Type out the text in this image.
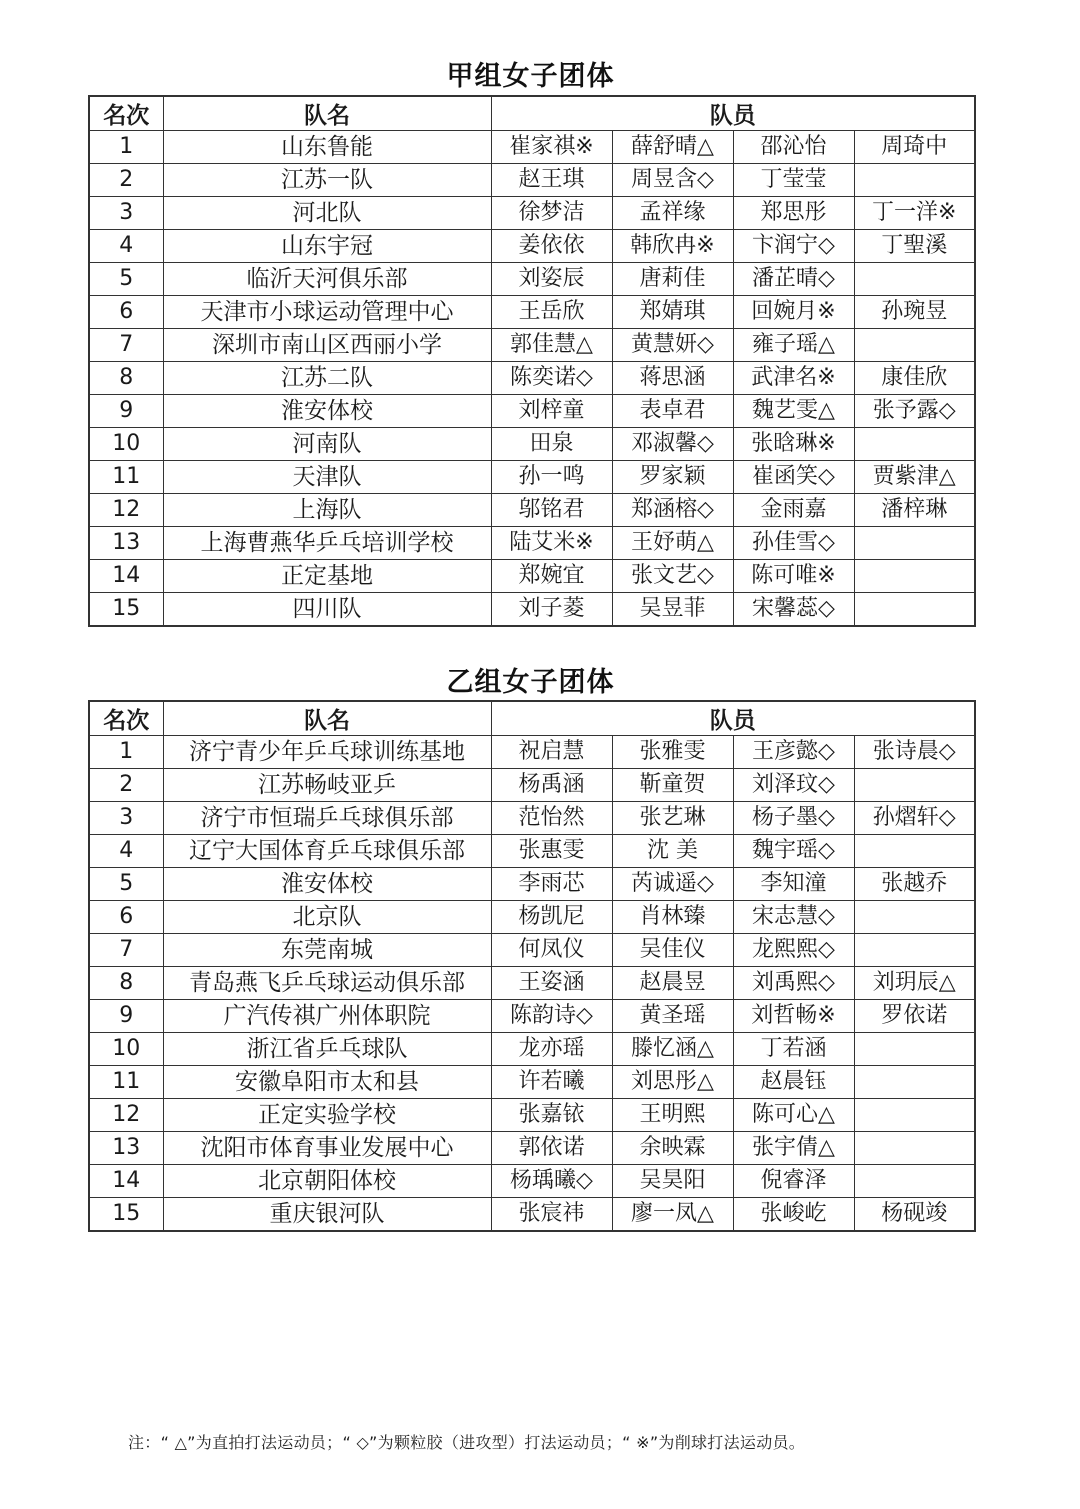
甲组女子团体
名次	队名	队员			
1	山东鲁能	崔家祺※	薛舒晴△	邵沁怡	周琦中
2	江苏一队	赵王琪	周昱含◇	丁莹莹	
3	河北队	徐梦洁	孟祥缘	郑思彤	丁一洋※
4	山东宇冠	姜依依	韩欣冉※	卞润宁◇	丁聖溪
5	临沂天河俱乐部	刘姿辰	唐莉佳	潘芷晴◇	
6	天津市小球运动管理中心	王岳欣	郑婧琪	回婉月※	孙琬昱
7	深圳市南山区西丽小学	郭佳慧△	黄慧妍◇	雍子瑶△	
8	江苏二队	陈奕诺◇	蒋思涵	武津名※	康佳欣
9	淮安体校	刘梓童	表卓君	魏艺雯△	张予露◇
10	河南队	田泉	邓淑馨◇	张晗琳※	
11	天津队	孙一鸣	罗家颖	崔函笑◇	贾紫津△
12	上海队	邬铭君	郑涵榕◇	金雨嘉	潘梓琳
13	上海曹燕华乒乓培训学校	陆艾米※	王妤萌△	孙佳雪◇	
14	正定基地	郑婉宜	张文艺◇	陈可唯※	
15	四川队	刘子菱	吴昱菲	宋馨蕊◇	
乙组女子团体
名次	队名	队员			
1	济宁青少年乒乓球训练基地	祝启慧	张雅雯	王彦懿◇	张诗晨◇
2	江苏畅岐亚乒	杨禹涵	靳童贺	刘泽玟◇	
3	济宁市恒瑞乒乓球俱乐部	范怡然	张艺琳	杨子墨◇	孙熠轩◇
4	辽宁大国体育乒乓球俱乐部	张惠雯	沈 美	魏宇瑶◇	
5	淮安体校	李雨芯	芮诚遥◇	李知潼	张越乔
6	北京队	杨凯尼	肖林臻	宋志慧◇	
7	东莞南城	何凤仪	吴佳仪	龙熙熙◇	
8	青岛燕飞乒乓球运动俱乐部	王姿涵	赵晨昱	刘禹熙◇	刘玥辰△
9	广汽传祺广州体职院	陈韵诗◇	黄圣瑶	刘哲畅※	罗依诺
10	浙江省乒乓球队	龙亦瑶	滕忆涵△	丁若涵	
11	安徽阜阳市太和县	许若曦	刘思彤△	赵晨钰	
12	正定实验学校	张嘉铱	王明熙	陈可心△	
13	沈阳市体育事业发展中心	郭依诺	余映霖	张宇倩△	
14	北京朝阳体校	杨瑀曦◇	吴昊阳	倪睿泽	
15	重庆银河队	张宸祎	廖一凤△	张峻屹	杨砚竣
注：“ △”为直拍打法运动员；“ ◇”为颗粒胶（进攻型）打法运动员；“ ※”为削球打法运动员。
